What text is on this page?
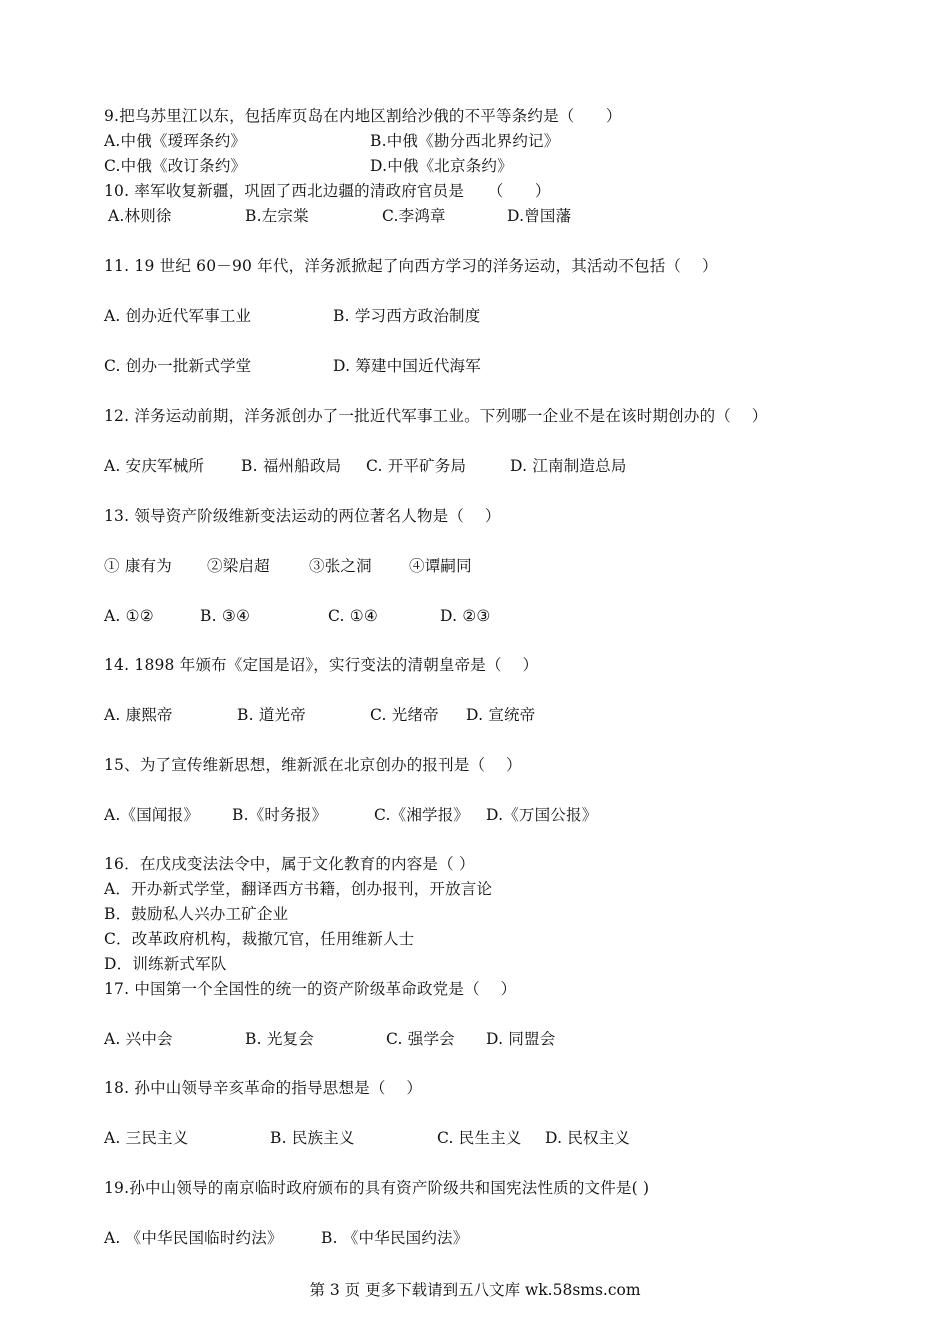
9.把乌苏里江以东，包括库页岛在内地区割给沙俄的不平等条约是（　　）
A.中俄《瑷珲条约》	B.中俄《勘分西北界约记》
C.中俄《改订条约》	D.中俄《北京条约》
10. 率军收复新疆，巩固了西北边疆的清政府官员是　　（　　）
A.林则徐	B.左宗棠	C.李鸿章	D.曾国藩
11. 19 世纪 60－90 年代，洋务派掀起了向西方学习的洋务运动，其活动不包括（　 ）
A. 创办近代军事工业	B. 学习西方政治制度
C. 创办一批新式学堂	D. 筹建中国近代海军
12. 洋务运动前期，洋务派创办了一批近代军事工业。下列哪一企业不是在该时期创办的（　 ）
A. 安庆军械所 B. 福州船政局 C. 开平矿务局	D. 江南制造总局
13. 领导资产阶级维新变法运动的两位著名人物是（　 ）
① 康有为 ②梁启超	③张之洞 ④谭嗣同
A. ①②	B. ③④	C. ①④	D. ②③
14. 1898 年颁布《定国是诏》，实行变法的清朝皇帝是（　 ）
A. 康熙帝	B. 道光帝	C. 光绪帝 D. 宣统帝
15、为了宣传维新思想，维新派在北京创办的报刊是（　 ）
A.《国闻报》 B.《时务报》	C.《湘学报》 D.《万国公报》
16．在戊戌变法法令中，属于文化教育的内容是（ ）
A．开办新式学堂，翻译西方书籍，创办报刊，开放言论
B．鼓励私人兴办工矿企业
C．改革政府机构，裁撤冗官，任用维新人士
D．训练新式军队
17. 中国第一个全国性的统一的资产阶级革命政党是（　 ）
A. 兴中会	B. 光复会	C. 强学会 D. 同盟会
18. 孙中山领导辛亥革命的指导思想是（　 ）
A. 三民主义	B. 民族主义	C. 民生主义 D. 民权主义
19.孙中山领导的南京临时政府颁布的具有资产阶级共和国宪法性质的文件是( )
A. 《中华民国临时约法》 B. 《中华民国约法》
第 3 页 更多下载请到五八文库 wk.58sms.com
